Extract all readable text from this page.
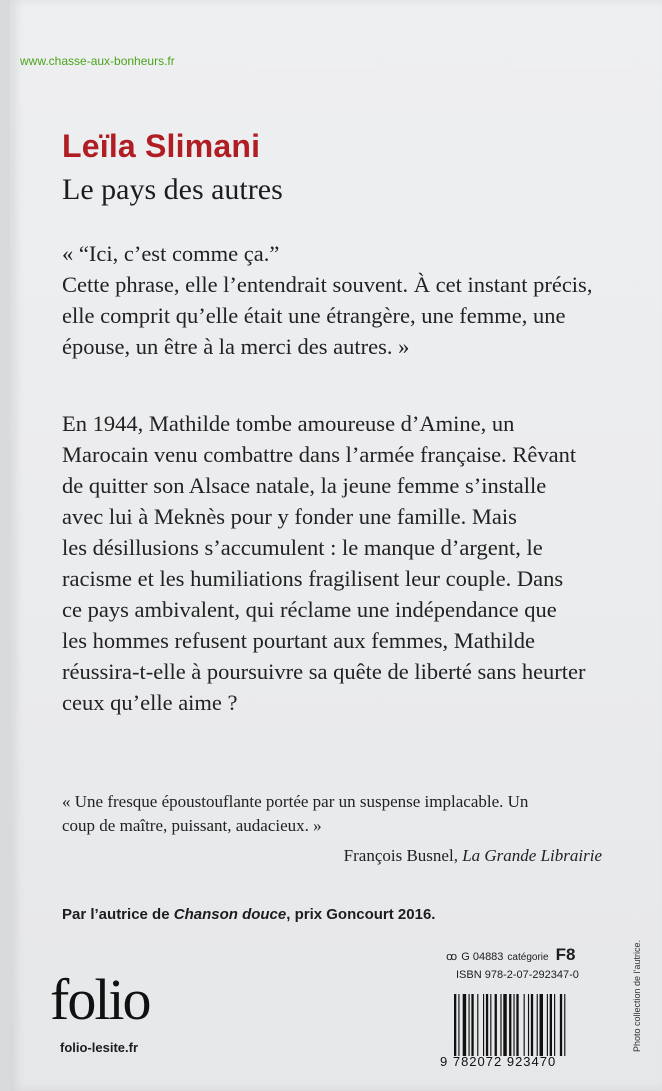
www.chasse-aux-bonheurs.fr
Leïla Slimani
Le pays des autres

« “Ici, c’est comme ça.”

Cette phrase, elle l’entendrait souvent. À cet instant précis,

elle comprit qu’elle était une étrangère, une femme, une

épouse, un être à la merci des autres. »

En 1944, Mathilde tombe amoureuse d’Amine, un

Marocain venu combattre dans l’armée française. Rêvant

de quitter son Alsace natale, la jeune femme s’installe

avec lui à Meknès pour y fonder une famille. Mais

les désillusions s’accumulent : le manque d’argent, le

racisme et les humiliations fragilisent leur couple. Dans

ce pays ambivalent, qui réclame une indépendance que

les hommes refusent pourtant aux femmes, Mathilde

réussira-t-elle à poursuivre sa quête de liberté sans heurter

ceux qu’elle aime ?

« Une fresque époustouflante portée par un suspense implacable. Un

coup de maître, puissant, audacieux. »

François Busnel, La Grande Librairie
Par l’autrice de Chanson douce, prix Goncourt 2016.
folio
folio-lesite.fr
ꝏ G 04883 catégorie F8
ISBN 978-2-07-292347-0
9 782072 923470
Photo collection de l’autrice.
